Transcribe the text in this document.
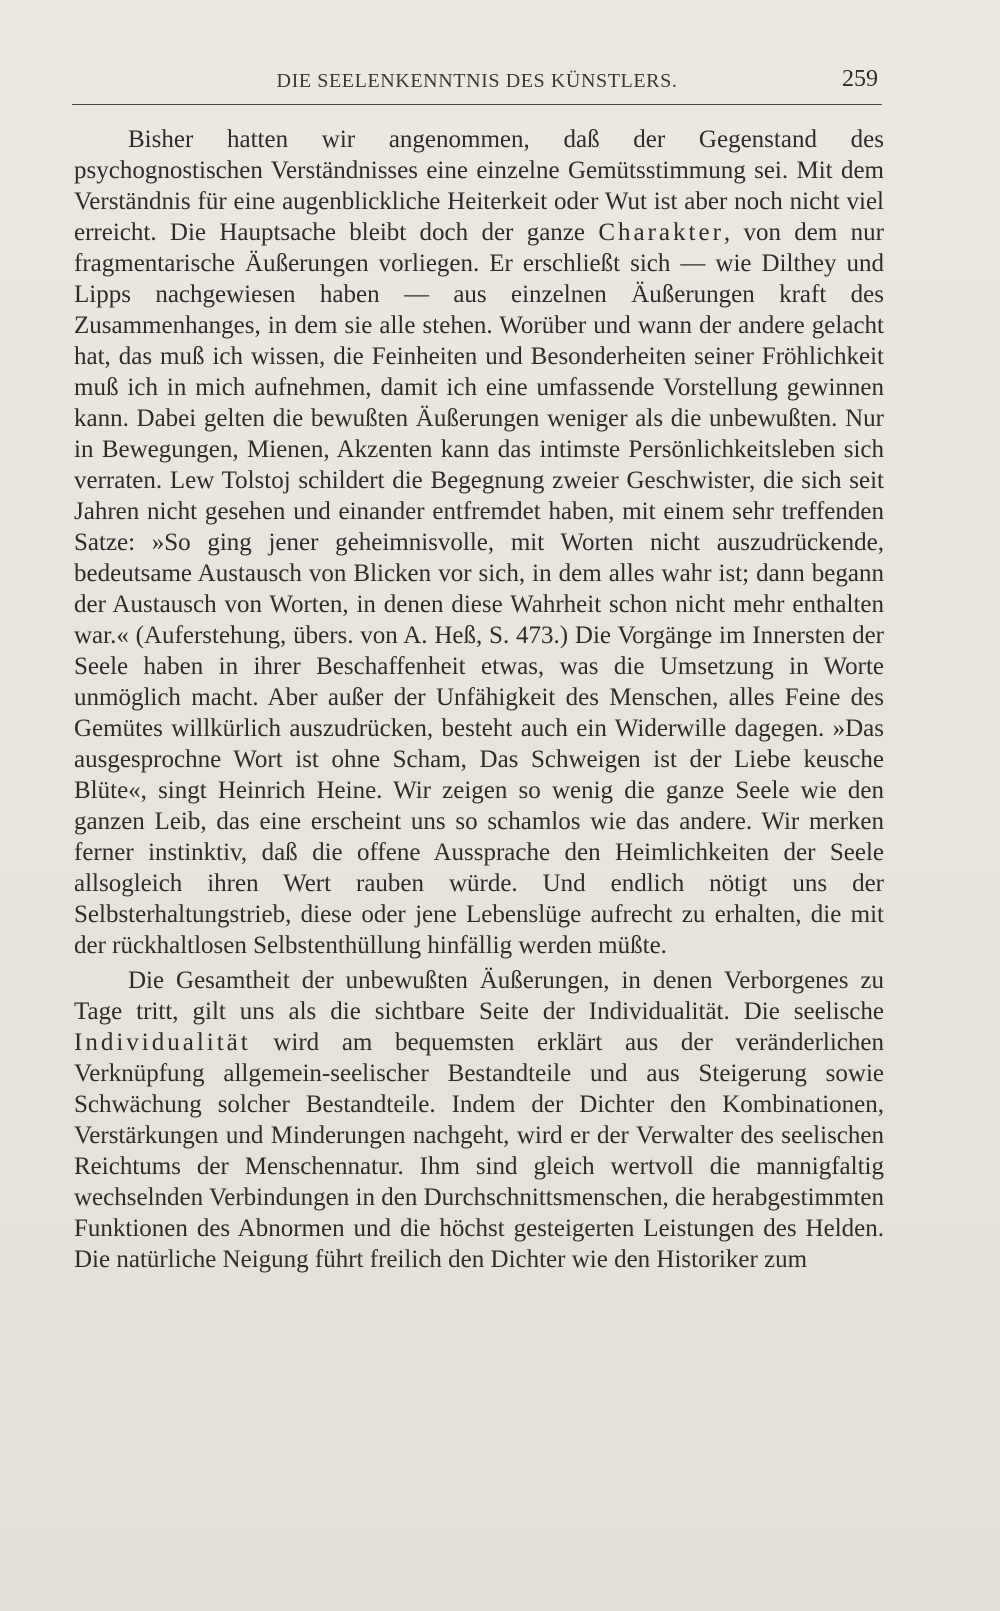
DIE SEELENKENNTNIS DES KÜNSTLERS.	259

Bisher hatten wir angenommen, daß der Gegenstand des psychognostischen Verständnisses eine einzelne Gemütsstimmung sei. Mit dem Verständnis für eine augenblickliche Heiterkeit oder Wut ist aber noch nicht viel erreicht. Die Hauptsache bleibt doch der ganze Charakter, von dem nur fragmentarische Äußerungen vorliegen. Er erschließt sich — wie Dilthey und Lipps nachgewiesen haben — aus einzelnen Äußerungen kraft des Zusammenhanges, in dem sie alle stehen. Worüber und wann der andere gelacht hat, das muß ich wissen, die Feinheiten und Besonderheiten seiner Fröhlichkeit muß ich in mich aufnehmen, damit ich eine umfassende Vorstellung gewinnen kann. Dabei gelten die bewußten Äußerungen weniger als die unbewußten. Nur in Bewegungen, Mienen, Akzenten kann das intimste Persönlichkeitsleben sich verraten. Lew Tolstoj schildert die Begegnung zweier Geschwister, die sich seit Jahren nicht gesehen und einander entfremdet haben, mit einem sehr treffenden Satze: »So ging jener geheimnisvolle, mit Worten nicht auszudrückende, bedeutsame Austausch von Blicken vor sich, in dem alles wahr ist; dann begann der Austausch von Worten, in denen diese Wahrheit schon nicht mehr enthalten war.« (Auferstehung, übers. von A. Heß, S. 473.) Die Vorgänge im Innersten der Seele haben in ihrer Beschaffenheit etwas, was die Umsetzung in Worte unmöglich macht. Aber außer der Unfähigkeit des Menschen, alles Feine des Gemütes willkürlich auszudrücken, besteht auch ein Widerwille dagegen. »Das ausgesprochne Wort ist ohne Scham, Das Schweigen ist der Liebe keusche Blüte«, singt Heinrich Heine. Wir zeigen so wenig die ganze Seele wie den ganzen Leib, das eine erscheint uns so schamlos wie das andere. Wir merken ferner instinktiv, daß die offene Aussprache den Heimlichkeiten der Seele allsogleich ihren Wert rauben würde. Und endlich nötigt uns der Selbsterhaltungstrieb, diese oder jene Lebenslüge aufrecht zu erhalten, die mit der rückhaltlosen Selbstenthüllung hinfällig werden müßte.

Die Gesamtheit der unbewußten Äußerungen, in denen Verborgenes zu Tage tritt, gilt uns als die sichtbare Seite der Individualität. Die seelische Individualität wird am bequemsten erklärt aus der veränderlichen Verknüpfung allgemein-seelischer Bestandteile und aus Steigerung sowie Schwächung solcher Bestandteile. Indem der Dichter den Kombinationen, Verstärkungen und Minderungen nachgeht, wird er der Verwalter des seelischen Reichtums der Menschennatur. Ihm sind gleich wertvoll die mannigfaltig wechselnden Verbindungen in den Durchschnittsmenschen, die herabgestimmten Funktionen des Abnormen und die höchst gesteigerten Leistungen des Helden. Die natürliche Neigung führt freilich den Dichter wie den Historiker zum
